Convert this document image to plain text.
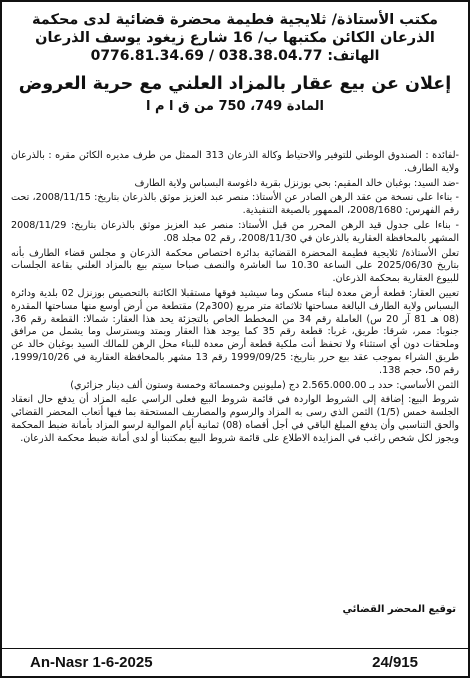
مكتب الأستاذة/ ثلايجية فطيمة محضرة قضائية لدى محكمة
الذرعان الكائن مكتبها ب/ 16 شارع زيغود يوسف الذرعان
الهاتف: 0776.81.34.69 / 038.38.04.77
إعلان عن بيع عقار بالمزاد العلني مع حرية العروض
المادة 749، 750 من ق ا م ا

-لفائدة : الصندوق الوطني للتوفير والاحتياط وكالة الذرعان 313 الممثل من طرف مديره الكائن مقره : بالذرعان ولاية الطارف.

-ضد السيد: بوغبان خالد المقيم: بحي بوزنزل بقرية داغوسة البسباس ولاية الطارف

- بناءا على نسخة من عقد الرهن الصادر عن الأستاذ: منصر عبد العزيز موثق بالذرعان بتاريخ: 2008/11/15، تحت رقم الفهرس: 2008/1680، الممهور بالصيغة التنفيذية.

- بناءا على جدول قيد الرهن المحرر من قبل الأستاذ: منصر عبد العزيز موثق بالذرعان بتاريخ: 2008/11/29 المشهر بالمحافظة العقارية بالذرعان في 2008/11/30، رقم 02 مجلد 08.

تعلن الأستاذة/ ثلايجية فطيمة المحضرة القضائية بدائرة اختصاص محكمة الذرعان و مجلس قضاء الطارف بأنه بتاريخ 2025/06/30 على الساعة 10.30 سا العاشرة والنصف صباحا سيتم بيع بالمزاد العلني بقاعة الجلسات للبيوع العقارية بمحكمة الذرعان.

تعيين العقار: قطعة أرض معدة لبناء مسكن وما سيشيد فوقها مستقبلا الكائنة بالتحصيص بوزنزل 02 بلدية ودائرة البسباس ولاية الطارف البالغة مساحتها ثلاثمائة متر مربع (300م2) مقتطعة من أرض أوسع منها مساحتها المقدرة (08 هـ 81 آر 20 س) العاملة رقم 34 من المخطط الخاص بالتجزئة يحد هذا العقار: شمالا: القطعة رقم 36، جنوبا: ممر، شرقا: طريق، غربا: قطعة رقم 35 كما يوجد هذا العقار ويمتد ويسترسل وما يشمل من مرافق وملحقات دون أي استثناء ولا تحفظ أنت ملكية قطعة أرض معدة للبناء محل الرهن للمالك السيد بوغبان خالد عن طريق الشراء بموجب عقد بيع حرر بتاريخ: 1999/09/25 رقم 13 مشهر بالمحافظة العقارية في 1999/10/26، رقم 50، حجم 138.

الثمن الأساسي: حدد بـ 2.565.000.00 دج (مليونين وخمسمائة وخمسة وستون ألف دينار جزائري)

شروط البيع: إضافة إلى الشروط الواردة في قائمة شروط البيع فعلى الراسي عليه المزاد أن يدفع حال انعقاد الجلسة خمس (1/5) الثمن الذي رسى به المزاد والرسوم والمصاريف المستحقة بما فيها أتعاب المحضر القضائي والحق التناسبي وأن يدفع المبلغ الباقي في أجل أقصاه (08) ثمانية أيام الموالية لرسو المزاد بأمانة ضبط المحكمة ويجوز لكل شخص راغب في المزايدة الاطلاع على قائمة شروط البيع بمكتبنا أو لدى أمانة ضبط محكمة الذرعان.

توقيع المحضر القضائي
An-Nasr 1-6-2025	24/915
